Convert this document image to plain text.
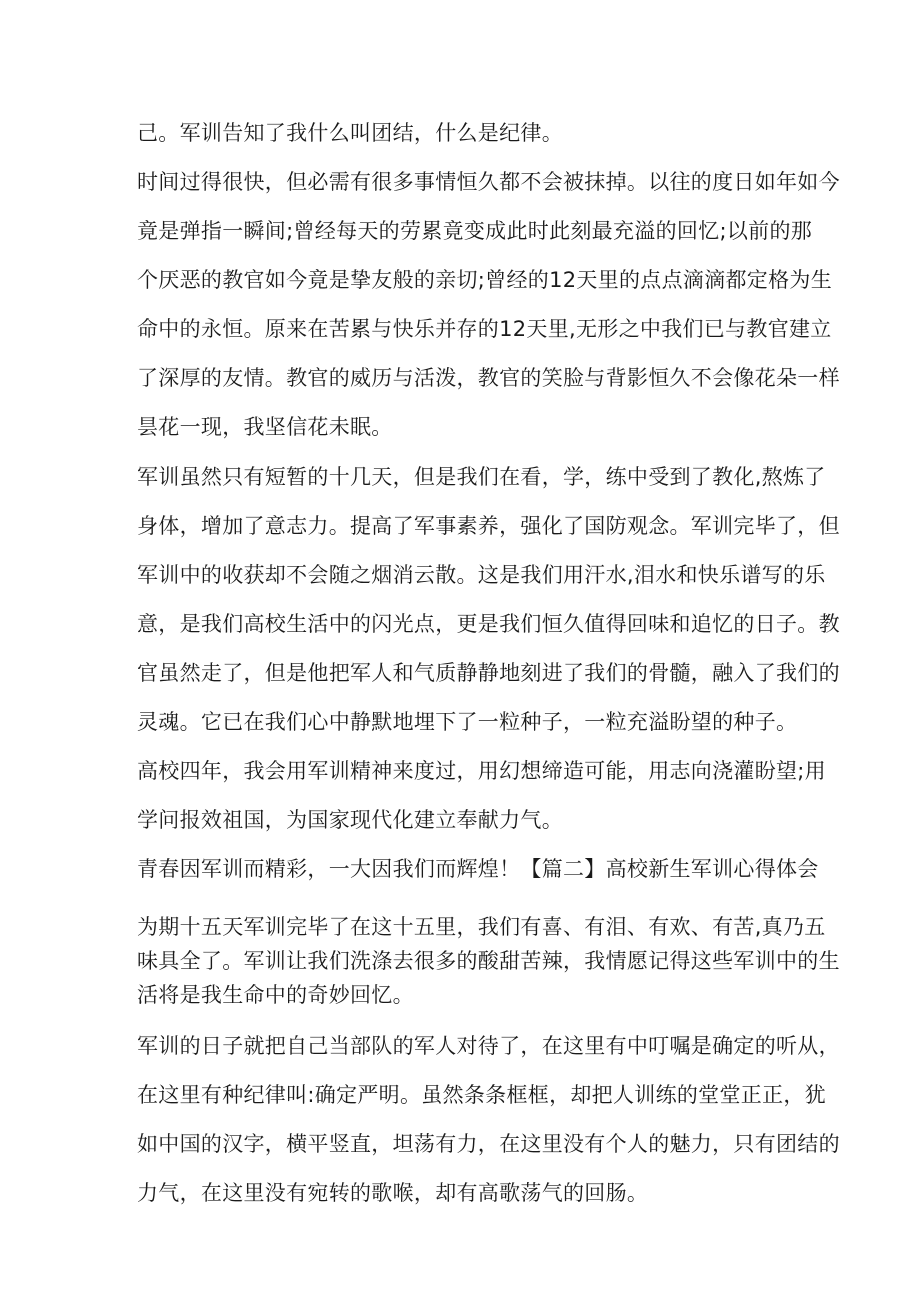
己。军训告知了我什么叫团结，什么是纪律。
时间过得很快，但必需有很多事情恒久都不会被抹掉。以往的度日如年如今
竟是弹指一瞬间;曾经每天的劳累竟变成此时此刻最充溢的回忆;以前的那
个厌恶的教官如今竟是挚友般的亲切;曾经的12天里的点点滴滴都定格为生
命中的永恒。原来在苦累与快乐并存的12天里,无形之中我们已与教官建立
了深厚的友情。教官的威历与活泼，教官的笑脸与背影恒久不会像花朵一样
昙花一现，我坚信花未眠。
军训虽然只有短暂的十几天，但是我们在看，学，练中受到了教化,熬炼了
身体，增加了意志力。提高了军事素养，强化了国防观念。军训完毕了，但
军训中的收获却不会随之烟消云散。这是我们用汗水,泪水和快乐谱写的乐
意，是我们高校生活中的闪光点，更是我们恒久值得回味和追忆的日子。教
官虽然走了，但是他把军人和气质静静地刻进了我们的骨髓，融入了我们的
灵魂。它已在我们心中静默地埋下了一粒种子，一粒充溢盼望的种子。
高校四年，我会用军训精神来度过，用幻想缔造可能，用志向浇灌盼望;用
学问报效祖国，为国家现代化建立奉献力气。
青春因军训而精彩，一大因我们而辉煌！【篇二】高校新生军训心得体会
为期十五天军训完毕了在这十五里，我们有喜、有泪、有欢、有苦,真乃五
味具全了。军训让我们洗涤去很多的酸甜苦辣，我情愿记得这些军训中的生
活将是我生命中的奇妙回忆。
军训的日子就把自己当部队的军人对待了，在这里有中叮嘱是确定的听从，
在这里有种纪律叫:确定严明。虽然条条框框，却把人训练的堂堂正正，犹
如中国的汉字，横平竖直，坦荡有力，在这里没有个人的魅力，只有团结的
力气，在这里没有宛转的歌喉，却有高歌荡气的回肠。
